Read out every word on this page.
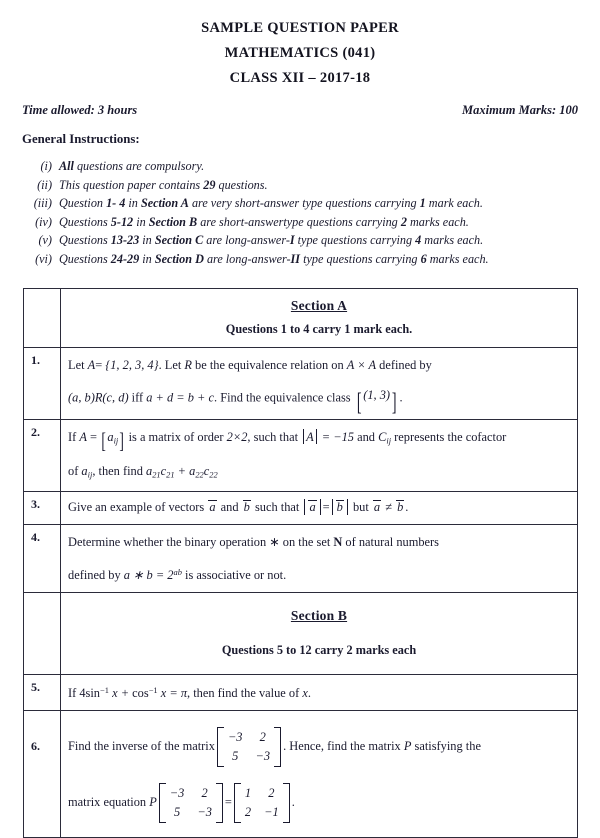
SAMPLE QUESTION PAPER
MATHEMATICS (041)
CLASS XII – 2017-18
Time allowed: 3 hours	Maximum Marks: 100
General Instructions:
(i) All questions are compulsory.
(ii) This question paper contains 29 questions.
(iii) Question 1- 4 in Section A are very short-answer type questions carrying 1 mark each.
(iv) Questions 5-12 in Section B are short-answertype questions carrying 2 marks each.
(v) Questions 13-23 in Section C are long-answer-I type questions carrying 4 marks each.
(vi) Questions 24-29 in Section D are long-answer-II type questions carrying 6 marks each.

	Section A
Questions 1 to 4 carry 1 mark each.

1.	Let A= {1, 2, 3, 4}. Let R be the equivalence relation on A × A defined by
(a, b)R(c, d) iff a + d = b + c. Find the equivalence class [ (1, 3)] .

2.	If $A = [a_{ij}]$ is a matrix of order 2×2, such that A = −15 and $C_{ij}$ represents the cofactor
of $a_{ij}$, then find $a_{21}c_{21} + a_{22}c_{22}$

3.	Give an example of vectors a and b such that a = b but a ≠ b .
4.	Determine whether the binary operation ∗ on the set N of natural numbers
defined by a ∗ $b = 2^{ab}$ is associative or not.

	Section B
Questions 5 to 12 carry 2 marks each

5.	If $4\sin^{-1}$ $x + \cos^{-1} x = \pi$, then find the value of x.
6.	Find the inverse of the matrix
−3	2
5	−3
. Hence, find the matrix P satisfying the
matrix equation P
−3	2
5	−3
=
1	2
2 −1
.
